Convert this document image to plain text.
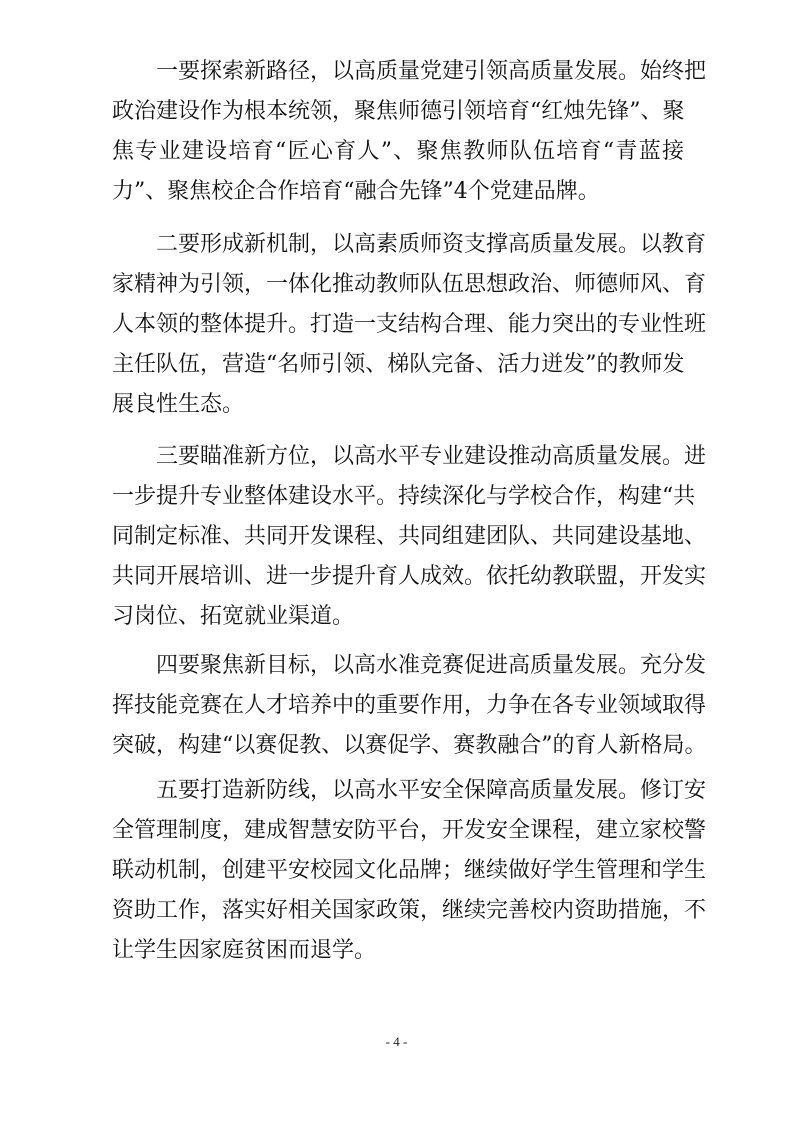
一要探索新路径，以高质量党建引领高质量发展。始终把
政治建设作为根本统领，聚焦师德引领培育“红烛先锋”、聚
焦专业建设培育“匠心育人”、聚焦教师队伍培育“青蓝接
力”、聚焦校企合作培育“融合先锋”4个党建品牌。
二要形成新机制，以高素质师资支撑高质量发展。以教育
家精神为引领，一体化推动教师队伍思想政治、师德师风、育
人本领的整体提升。打造一支结构合理、能力突出的专业性班
主任队伍，营造“名师引领、梯队完备、活力迸发”的教师发
展良性生态。
三要瞄准新方位，以高水平专业建设推动高质量发展。进
一步提升专业整体建设水平。持续深化与学校合作，构建“共
同制定标准、共同开发课程、共同组建团队、共同建设基地、
共同开展培训、进一步提升育人成效。依托幼教联盟，开发实
习岗位、拓宽就业渠道。
四要聚焦新目标，以高水准竞赛促进高质量发展。充分发
挥技能竞赛在人才培养中的重要作用，力争在各专业领域取得
突破，构建“以赛促教、以赛促学、赛教融合”的育人新格局。
五要打造新防线，以高水平安全保障高质量发展。修订安
全管理制度，建成智慧安防平台，开发安全课程，建立家校警
联动机制，创建平安校园文化品牌；继续做好学生管理和学生
资助工作，落实好相关国家政策，继续完善校内资助措施，不
让学生因家庭贫困而退学。
- 4 -
